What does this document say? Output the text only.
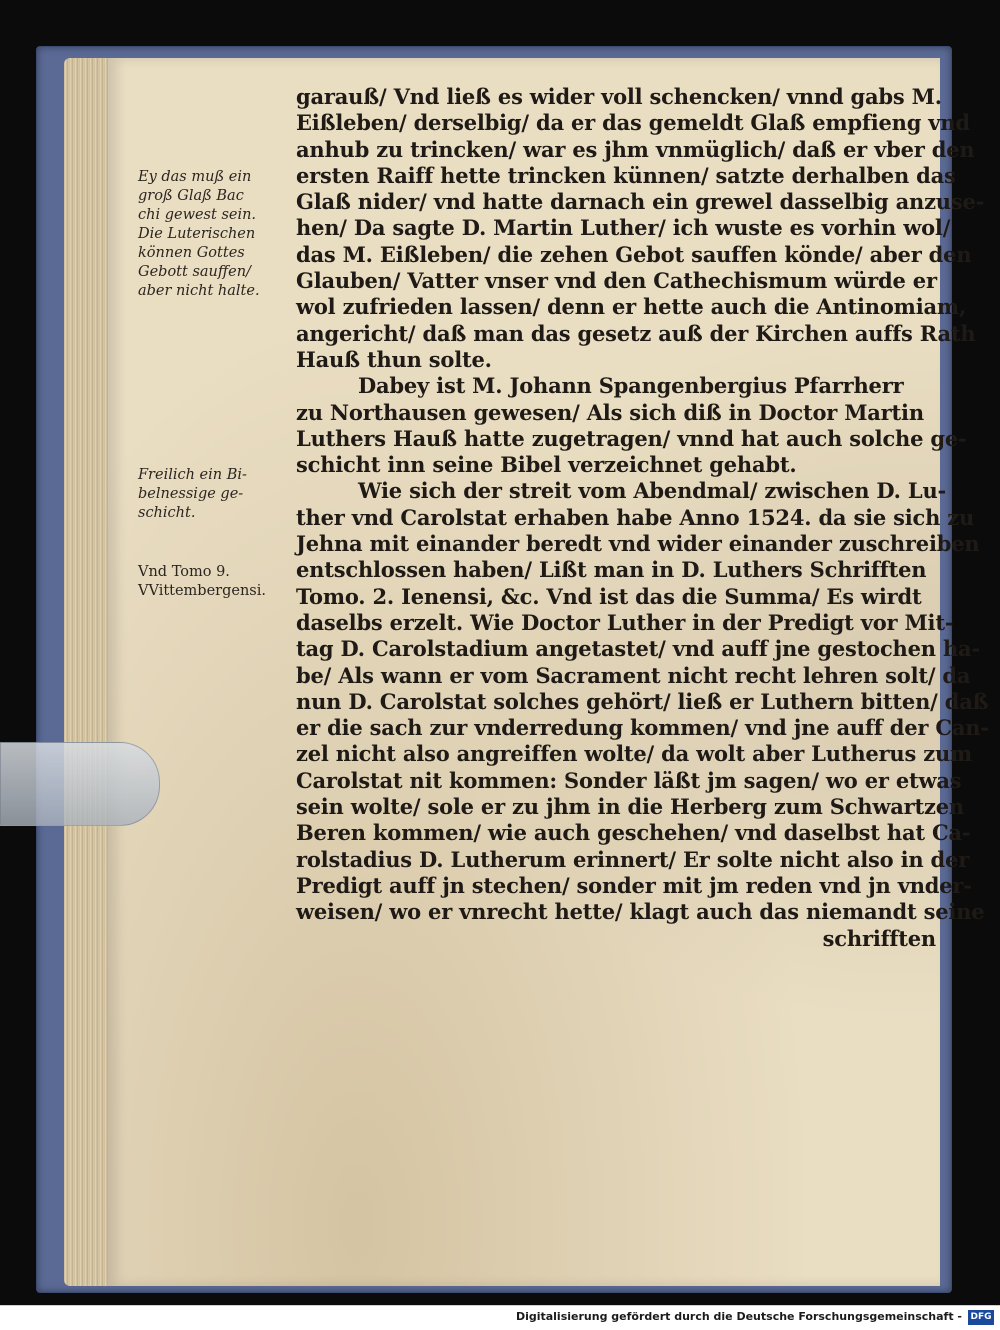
Ey das muß ein
groß Glaß Bac
chi gewest sein.
Die Luterischen
können Gottes
Gebott sauffen/
aber nicht halte.
Freilich ein Bi-
belnessige ge-
schicht.
Vnd Tomo 9.
VVittembergensi.
garauß/ Vnd ließ es wider voll schencken/ vnnd gabs M.
Eißleben/ derselbig/ da er das gemeldt Glaß empfieng vnd
anhub zu trincken/ war es jhm vnmüglich/ daß er vber den
ersten Raiff hette trincken künnen/ satzte derhalben das
Glaß nider/ vnd hatte darnach ein grewel dasselbig anzuse-
hen/ Da sagte D. Martin Luther/ ich wuste es vorhin wol/
das M. Eißleben/ die zehen Gebot sauffen könde/ aber den
Glauben/ Vatter vnser vnd den Cathechismum würde er
wol zufrieden lassen/ denn er hette auch die Antinomiam,
angericht/ daß man das gesetz auß der Kirchen auffs Rath
Hauß thun solte.
Dabey ist M. Johann Spangenbergius Pfarrherr
zu Northausen gewesen/ Als sich diß in Doctor Martin
Luthers Hauß hatte zugetragen/ vnnd hat auch solche ge-
schicht inn seine Bibel verzeichnet gehabt.
Wie sich der streit vom Abendmal/ zwischen D. Lu-
ther vnd Carolstat erhaben habe Anno 1524. da sie sich zu
Jehna mit einander beredt vnd wider einander zuschreiben
entschlossen haben/ Lißt man in D. Luthers Schrifften
Tomo. 2. Ienensi, &c. Vnd ist das die Summa/ Es wirdt
daselbs erzelt. Wie Doctor Luther in der Predigt vor Mit-
tag D. Carolstadium angetastet/ vnd auff jne gestochen ha-
be/ Als wann er vom Sacrament nicht recht lehren solt/ da
nun D. Carolstat solches gehört/ ließ er Luthern bitten/ daß
er die sach zur vnderredung kommen/ vnd jne auff der Can-
zel nicht also angreiffen wolte/ da wolt aber Lutherus zum
Carolstat nit kommen: Sonder läßt jm sagen/ wo er etwas
sein wolte/ sole er zu jhm in die Herberg zum Schwartzen
Beren kommen/ wie auch geschehen/ vnd daselbst hat Ca-
rolstadius D. Lutherum erinnert/ Er solte nicht also in der
Predigt auff jn stechen/ sonder mit jm reden vnd jn vnder-
weisen/ wo er vnrecht hette/ klagt auch das niemandt seine
schrifften
Digitalisierung gefördert durch die Deutsche Forschungsgemeinschaft - DFG
